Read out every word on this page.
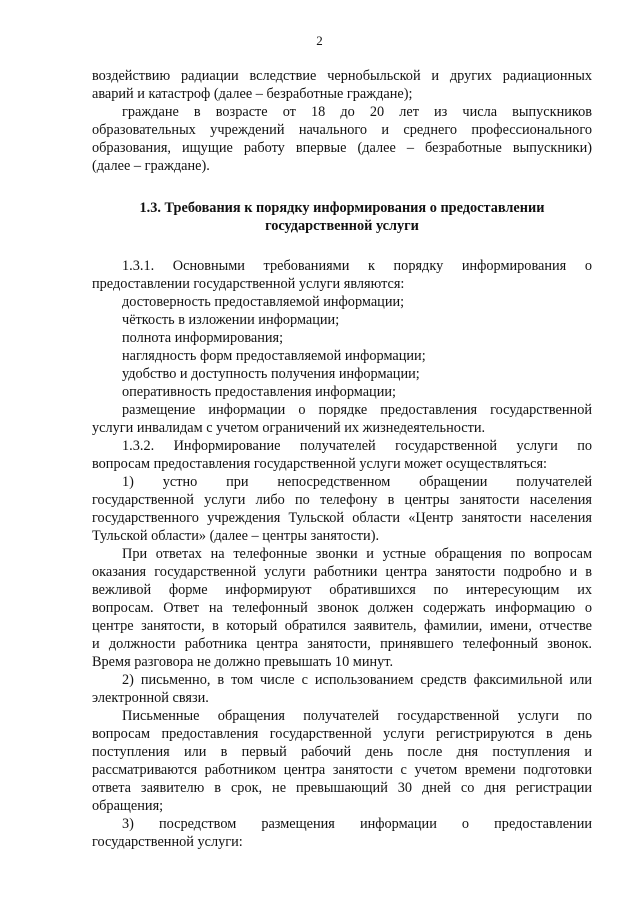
2
воздействию радиации вследствие чернобыльской и других радиационных
аварий и катастроф (далее – безработные граждане);
граждане в возрасте от 18 до 20 лет из числа выпускников
образовательных учреждений начального и среднего профессионального
образования, ищущие работу впервые (далее – безработные выпускники)
(далее – граждане).
1.3. Требования к порядку информирования о предоставлении
государственной услуги
1.3.1. Основными требованиями к порядку информирования о
предоставлении государственной услуги являются:
достоверность предоставляемой информации;
чёткость в изложении информации;
полнота информирования;
наглядность форм предоставляемой информации;
удобство и доступность получения информации;
оперативность предоставления информации;
размещение информации о порядке предоставления государственной
услуги инвалидам с учетом ограничений их жизнедеятельности.
1.3.2. Информирование получателей государственной услуги по
вопросам предоставления государственной услуги может осуществляться:
1) устно при непосредственном обращении получателей
государственной услуги либо по телефону в центры занятости населения
государственного учреждения Тульской области «Центр занятости населения
Тульской области» (далее – центры занятости).
При ответах на телефонные звонки и устные обращения по вопросам
оказания государственной услуги работники центра занятости подробно и в
вежливой форме информируют обратившихся по интересующим их
вопросам. Ответ на телефонный звонок должен содержать информацию о
центре занятости, в который обратился заявитель, фамилии, имени, отчестве
и должности работника центра занятости, принявшего телефонный звонок.
Время разговора не должно превышать 10 минут.
2) письменно, в том числе с использованием средств факсимильной или
электронной связи.
Письменные обращения получателей государственной услуги по
вопросам предоставления государственной услуги регистрируются в день
поступления или в первый рабочий день после дня поступления и
рассматриваются работником центра занятости с учетом времени подготовки
ответа заявителю в срок, не превышающий 30 дней со дня регистрации
обращения;
3) посредством размещения информации о предоставлении
государственной услуги:
